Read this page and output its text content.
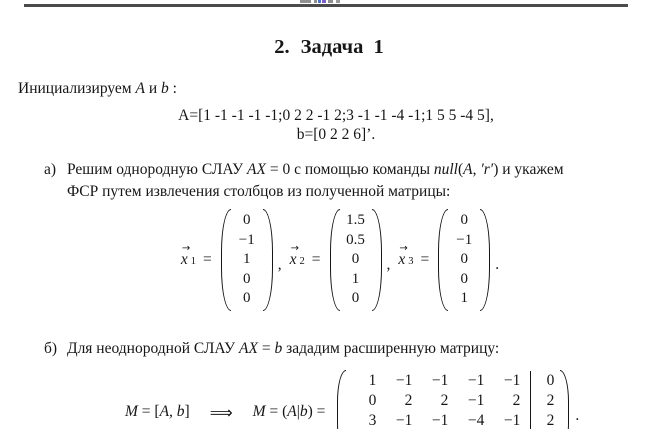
2. Задача 1

Инициализируем A и b :

A=[1 -1 -1 -1 -1;0 2 2 -1 2;3 -1 -1 -4 -1;1 5 5 -4 5],
b=[0 2 2 6]’.
а) Решим однородную СЛАУ AX = 0 с помощью команды null(A, ′r′) и укажем
ФСР путем извлечения столбцов из полученной матрицы:
→
x 1 =
0
−1
1
0
0
,
→
x 2 =
1.5
0.5
0
1
0
,
→
x 3 =
0
−1
0
0
1
.
б) Для неоднородной СЛАУ AX = b зададим расширенную матрицу:
M = [A, b] ⟹ M = (A|b) =
1	−1	−1	−1	−1	0
0	2	2	−1	2	2
3	−1	−1	−4	−1	2 .
